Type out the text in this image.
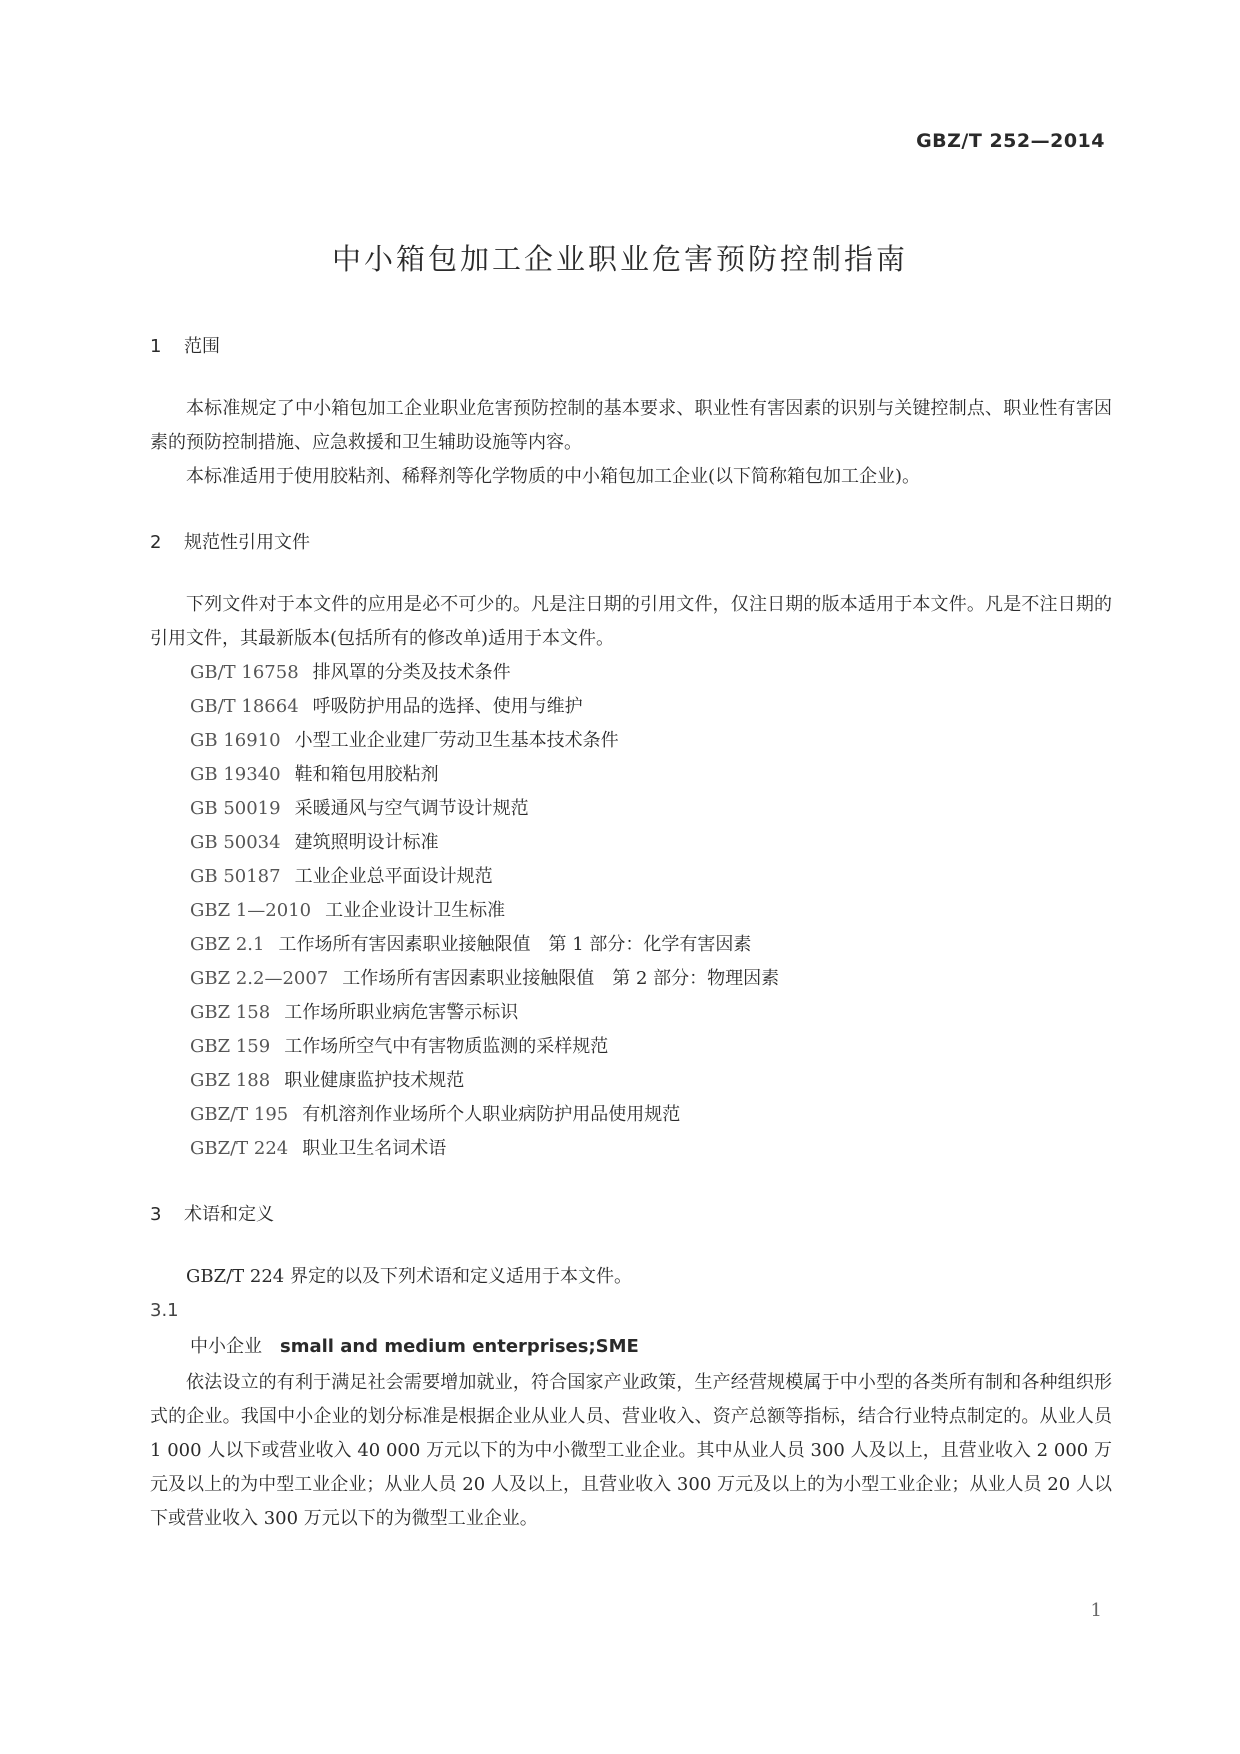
GBZ/T 252—2014
中小箱包加工企业职业危害预防控制指南
1 范围

本标准规定了中小箱包加工企业职业危害预防控制的基本要求、职业性有害因素的识别与关键控制点、职业性有害因素的预防控制措施、应急救援和卫生辅助设施等内容。

本标准适用于使用胶粘剂、稀释剂等化学物质的中小箱包加工企业(以下简称箱包加工企业)。

2 规范性引用文件

下列文件对于本文件的应用是必不可少的。凡是注日期的引用文件，仅注日期的版本适用于本文件。凡是不注日期的引用文件，其最新版本(包括所有的修改单)适用于本文件。

GB/T 16758 排风罩的分类及技术条件
GB/T 18664 呼吸防护用品的选择、使用与维护
GB 16910 小型工业企业建厂劳动卫生基本技术条件
GB 19340 鞋和箱包用胶粘剂
GB 50019 采暖通风与空气调节设计规范
GB 50034 建筑照明设计标准
GB 50187 工业企业总平面设计规范
GBZ 1—2010 工业企业设计卫生标准
GBZ 2.1 工作场所有害因素职业接触限值　第 1 部分：化学有害因素
GBZ 2.2—2007 工作场所有害因素职业接触限值　第 2 部分：物理因素
GBZ 158 工作场所职业病危害警示标识
GBZ 159 工作场所空气中有害物质监测的采样规范
GBZ 188 职业健康监护技术规范
GBZ/T 195 有机溶剂作业场所个人职业病防护用品使用规范
GBZ/T 224 职业卫生名词术语
3 术语和定义

GBZ/T 224 界定的以及下列术语和定义适用于本文件。

3.1
中小企业 small and medium enterprises;SME

依法设立的有利于满足社会需要增加就业，符合国家产业政策，生产经营规模属于中小型的各类所有制和各种组织形式的企业。我国中小企业的划分标准是根据企业从业人员、营业收入、资产总额等指标，结合行业特点制定的。从业人员 1 000 人以下或营业收入 40 000 万元以下的为中小微型工业企业。其中从业人员 300 人及以上，且营业收入 2 000 万元及以上的为中型工业企业；从业人员 20 人及以上，且营业收入 300 万元及以上的为小型工业企业；从业人员 20 人以下或营业收入 300 万元以下的为微型工业企业。

1
